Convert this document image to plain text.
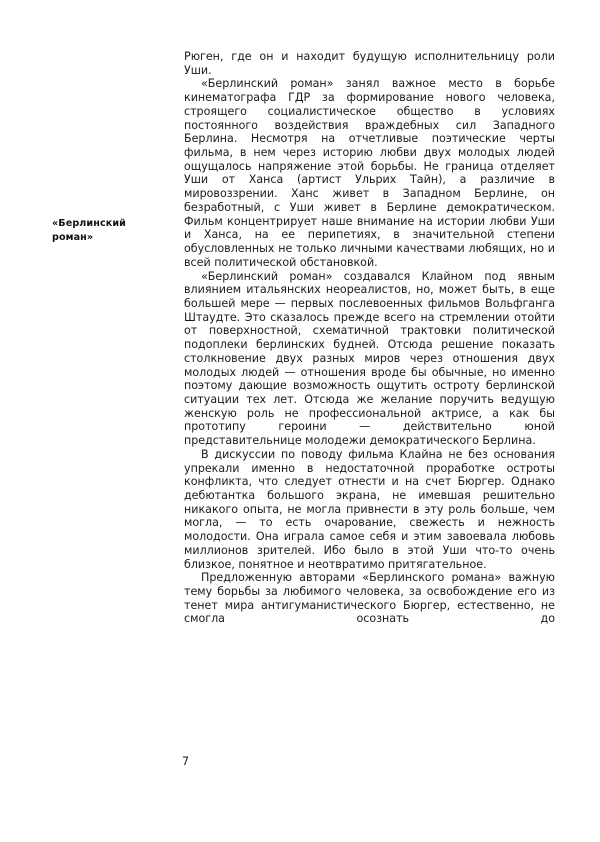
«Берлинский роман»

Рюген, где он и находит будущую исполнительницу роли Уши.

«Берлинский роман» занял важное место в борьбе кинематографа ГДР за формирование нового человека, строящего социалистическое общество в условиях постоянного воздействия враждебных сил Западного Берлина. Несмотря на отчетливые поэтические черты фильма, в нем через историю любви двух молодых людей ощущалось напряжение этой борьбы. Не граница отделяет Уши от Ханса (артист Ульрих Тайн), а различие в мировоззрении. Ханс живет в Западном Берлине, он безработный, с Уши живет в Берлине демократическом. Фильм концентрирует наше внимание на истории любви Уши и Ханса, на ее перипетиях, в значительной степени обусловленных не только личными качествами любящих, но и всей политической обстановкой.

«Берлинский роман» создавался Клайном под явным влиянием итальянских неореалистов, но, может быть, в еще большей мере — первых послевоенных фильмов Вольфганга Штаудте. Это сказалось прежде всего на стремлении отойти от поверхностной, схематичной трактовки политической подоплеки берлинских будней. Отсюда решение показать столкновение двух разных миров через отношения двух молодых людей — отношения вроде бы обычные, но именно поэтому дающие возможность ощутить остроту берлинской ситуации тех лет. Отсюда же желание поручить ведущую женскую роль не профессиональной актрисе, а как бы прототипу героини — действительно юной представительнице молодежи демократического Берлина.

В дискуссии по поводу фильма Клайна не без основания упрекали именно в недостаточной проработке остроты конфликта, что следует отнести и на счет Бюргер. Однако дебютантка большого экрана, не имевшая решительно никакого опыта, не могла привнести в эту роль больше, чем могла, — то есть очарование, свежесть и нежность молодости. Она играла самое себя и этим завоевала любовь миллионов зрителей. Ибо было в этой Уши что-то очень близкое, понятное и неотвратимо притягательное.

Предложенную авторами «Берлинского романа» важную тему борьбы за любимого человека, за освобождение его из тенет мира антигуманистического Бюргер, естественно, не смогла осознать до

7
